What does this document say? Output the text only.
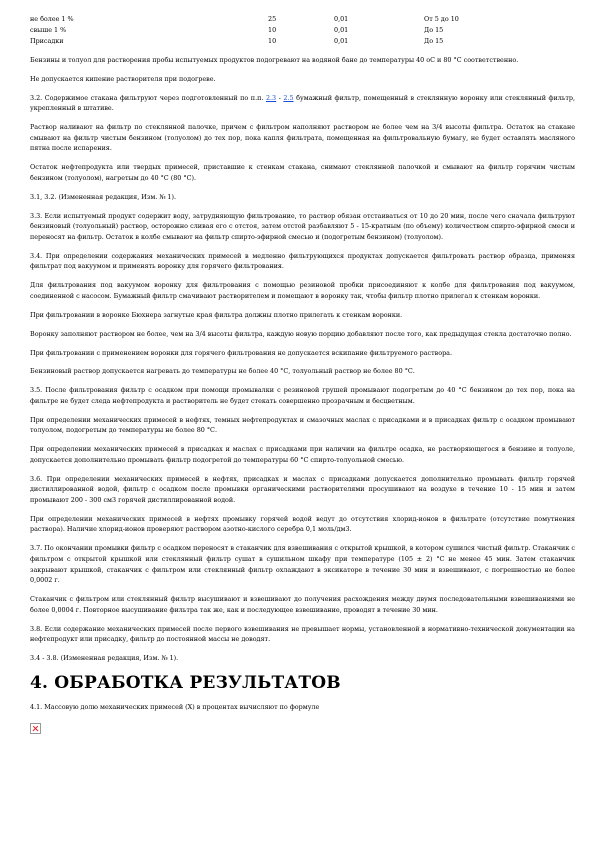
не более 1 %	25	0,01	От 5 до 10
свыше 1 %	10	0,01	До 15
Присадки	10	0,01	До 15

Бензины и толуол для растворения пробы испытуемых продуктов подогревают на водяной бане до температуры 40 оС и 80 °С соответственно.

Не допускается кипение растворителя при подогреве.

3.2. Содержимое стакана фильтруют через подготовленный по п.п. 2.3 - 2.5 бумажный фильтр, помещенный в стеклянную воронку или стеклянный фильтр, укрепленный в штативе.

Раствор наливают на фильтр по стеклянной палочке, причем с фильтром наполняют раствором не более чем на 3/4 высоты фильтра. Остаток на стакане смывают на фильтр чистым бензином (толуолом) до тех пор, пока капля фильтрата, помещенная на фильтровальную бумагу, не будет оставлять масляного пятна после испарения.

Остаток нефтепродукта или твердых примесей, приставшие к стенкам стакана, снимают стеклянной палочкой и смывают на фильтр горячим чистым бензином (толуолом), нагретым до 40 °С (80 °С).

3.1, 3.2. (Измененная редакция, Изм. № 1).

3.3. Если испытуемый продукт содержит воду, затрудняющую фильтрование, то раствор обязан отстаиваться от 10 до 20 мин, после чего сначала фильтруют бензиновый (толуольный) раствор, осторожно сливая его с отстоя, затем отстой разбавляют 5 - 15-кратным (по объему) количеством спирто-эфирной смеси и переносят на фильтр. Остаток в колбе смывают на фильтр спирто-эфирной смесью и (подогретым бензином) (толуолом).

3.4. При определении содержания механических примесей в медленно фильтрующихся продуктах допускается фильтровать раствор образца, применяя фильтрат под вакуумом и применять воронку для горячего фильтрования.

Для фильтрования под вакуумом воронку для фильтрования с помощью резиновой пробки присоединяют к колбе для фильтрования под вакуумом, соединенной с насосом. Бумажный фильтр смачивают растворителем и помещают в воронку так, чтобы фильтр плотно прилегал к стенкам воронки.

При фильтровании в воронке Бюхнера загнутые края фильтра должны плотно прилегать к стенкам воронки.

Воронку заполняют раствором не более, чем на 3/4 высоты фильтра, каждую новую порцию добавляют после того, как предыдущая стекла достаточно полно.

При фильтровании с применением воронки для горячего фильтрования не допускается вскипание фильтруемого раствора.

Бензиновый раствор допускается нагревать до температуры не более 40 °С, толуольный раствор не более 80 °С.

3.5. После фильтрования фильтр с осадком при помощи промывалки с резиновой грушей промывают подогретым до 40 °С бензином до тех пор, пока на фильтре не будет следа нефтепродукта и растворитель не будет стекать совершенно прозрачным и бесцветным.

При определении механических примесей в нефтях, темных нефтепродуктах и смазочных маслах с присадками и в присадках фильтр с осадком промывают толуолом, подогретым до температуры не более 80 °С.

При определении механических примесей в присадках и маслах с присадками при наличии на фильтре осадка, не растворяющегося в бензине и толуоле, допускается дополнительно промывать фильтр подогретой до температуры 60 °С спирто-толуольной смесью.

3.6. При определении механических примесей в нефтях, присадках и маслах с присадками допускается дополнительно промывать фильтр горячей дистиллированной водой, фильтр с осадком после промывки органическими растворителями просушивают на воздухе в течение 10 - 15 мин и затем промывают 200 - 300 см3 горячей дистиллированной водой.

При определении механических примесей в нефтях промывку горячей водой ведут до отсутствия хлорид-ионов в фильтрате (отсутствие помутнения раствора). Наличие хлорид-ионов проверяют раствором азотно-кислого серебра 0,1 моль/дм3.

3.7. По окончании промывки фильтр с осадком переносят в стаканчик для взвешивания с открытой крышкой, в котором сушился чистый фильтр. Стаканчик с фильтром с открытой крышкой или стеклянный фильтр сушат в сушильном шкафу при температуре (105 ± 2) °С не менее 45 мин. Затем стаканчик закрывают крышкой, стаканчик с фильтром или стеклянный фильтр охлаждают в эксикаторе в течение 30 мин и взвешивают, с погрешностью не более 0,0002 г.

Стаканчик с фильтром или стеклянный фильтр высушивают и взвешивают до получения расхождения между двумя последовательными взвешиваниями не более 0,0004 г. Повторное высушивание фильтра так же, как и последующее взвешивание, проводят в течение 30 мин.

3.8. Если содержание механических примесей после первого взвешивания не превышает нормы, установленной в нормативно-технической документации на нефтепродукт или присадку, фильтр до постоянной массы не доводят.

3.4 - 3.8. (Измененная редакция, Изм. № 1).

4. ОБРАБОТКА РЕЗУЛЬТАТОВ

4.1. Массовую долю механических примесей (X) в процентах вычисляют по формуле
